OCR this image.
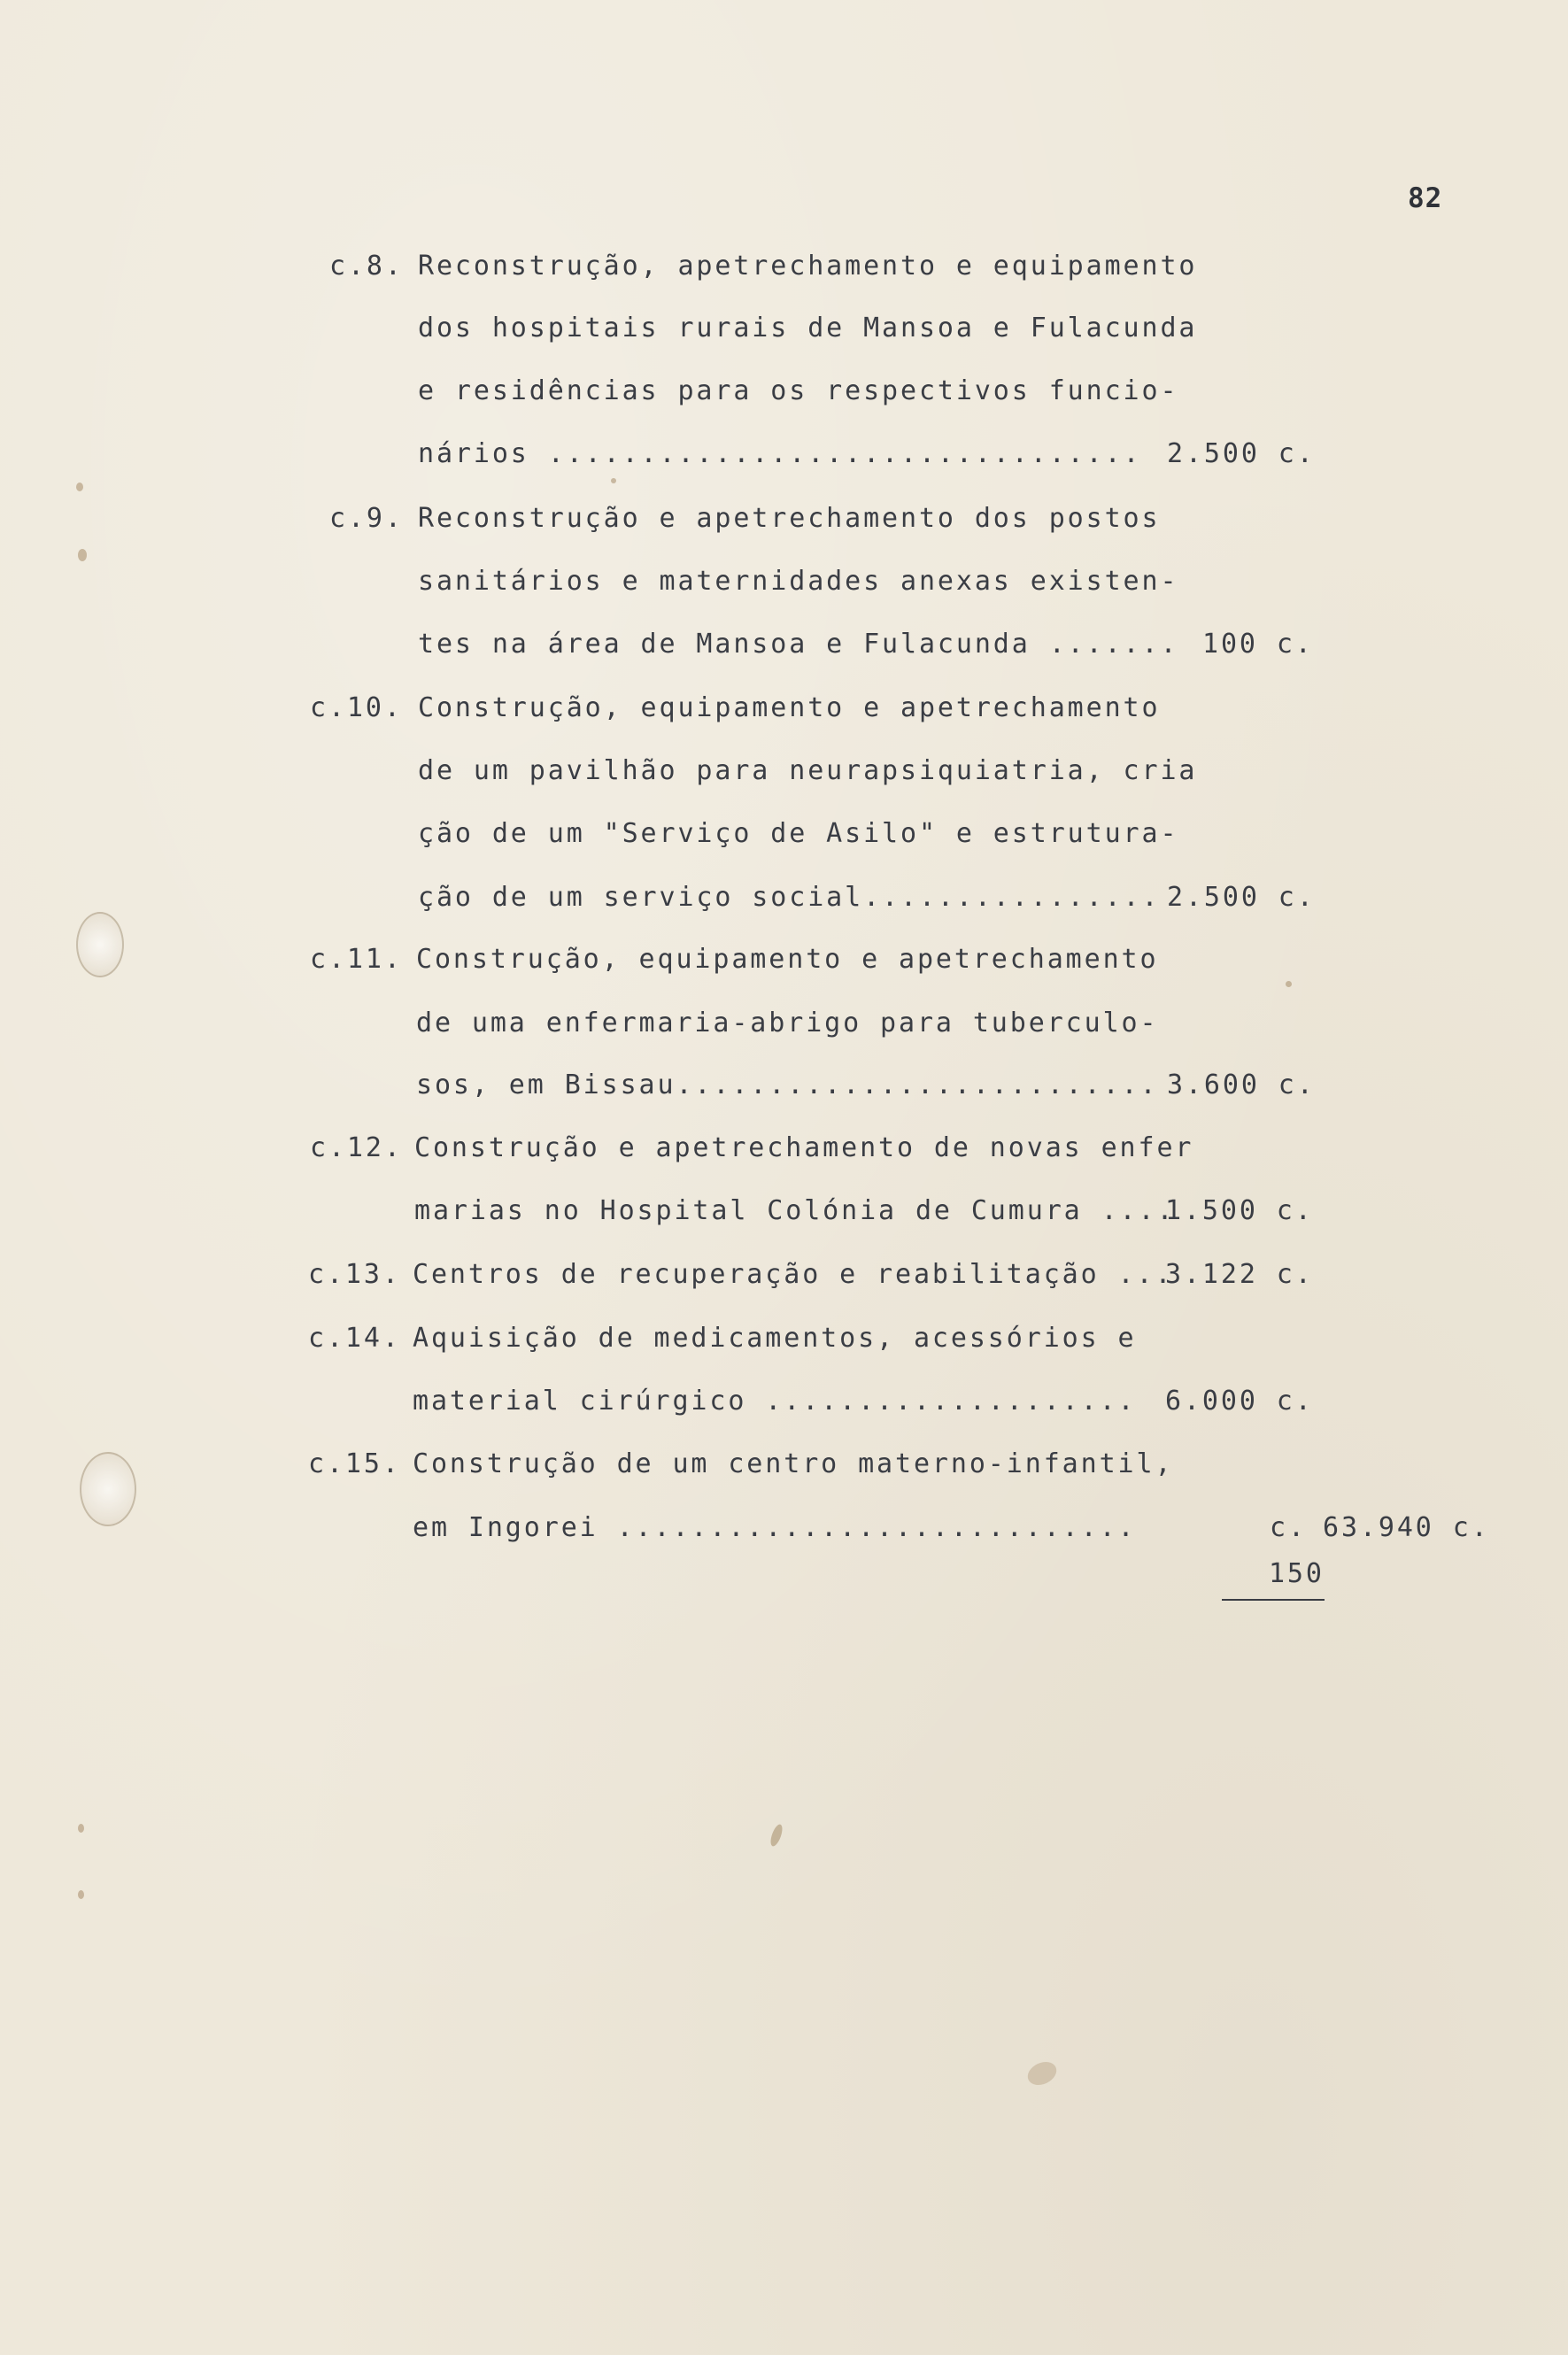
82
c.8. Reconstrução, apetrechamento e equipamento
dos hospitais rurais de Mansoa e Fulacunda
e residências para os respectivos funcio-
nários ................................ 2.500 c.
c.9. Reconstrução e apetrechamento dos postos
sanitários e maternidades anexas existen-
tes na área de Mansoa e Fulacunda ....... 100 c.
c.10. Construção, equipamento e apetrechamento
de um pavilhão para neurapsiquiatria, cria
ção de um "Serviço de Asilo" e estrutura-
ção de um serviço social................ 2.500 c.
c.11. Construção, equipamento e apetrechamento
de uma enfermaria-abrigo para tuberculo-
sos, em Bissau.......................... 3.600 c.
c.12. Construção e apetrechamento de novas enfer
marias no Hospital Colónia de Cumura ....
1.500 c.
c.13. Centros de recuperação e reabilitação ...
3.122 c.
c.14. Aquisição de medicamentos, acessórios e
material cirúrgico .................... 6.000 c.
c.15. Construção de um centro materno-infantil,
em Ingorei ............................

150

c. 63.940 c.
